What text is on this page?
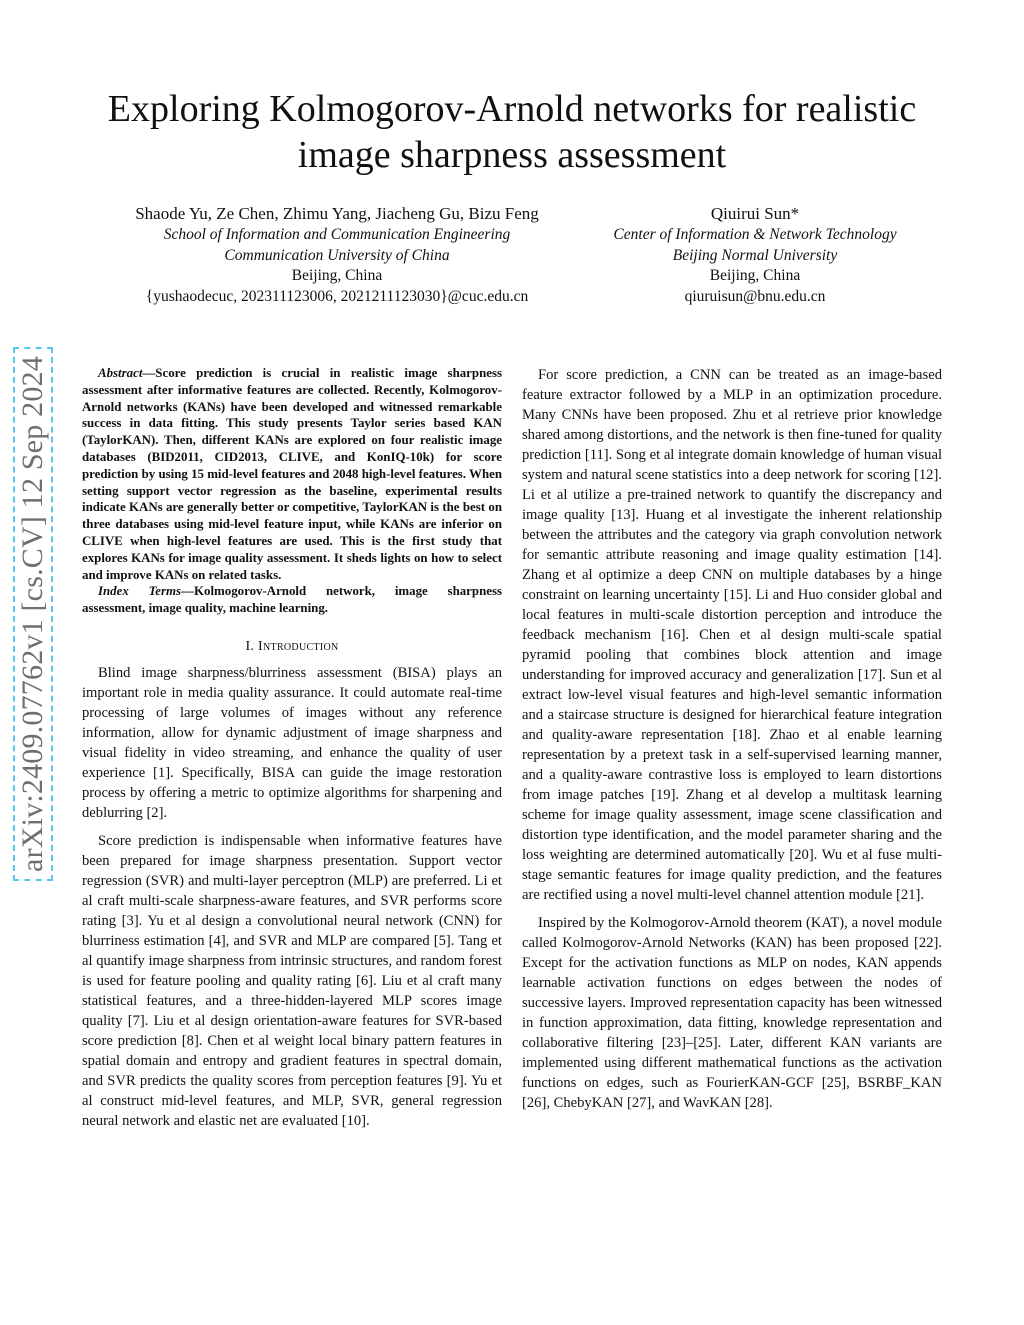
arXiv:2409.07762v1 [cs.CV] 12 Sep 2024
Exploring Kolmogorov-Arnold networks for realistic image sharpness assessment
Shaode Yu, Ze Chen, Zhimu Yang, Jiacheng Gu, Bizu Feng
School of Information and Communication Engineering
Communication University of China
Beijing, China
{yushaodecuc, 202311123006, 2021211123030}@cuc.edu.cn
Qiuirui Sun*
Center of Information & Network Technology
Beijing Normal University
Beijing, China
qiuruisun@bnu.edu.cn

Abstract—Score prediction is crucial in realistic image sharpness assessment after informative features are collected. Recently, Kolmogorov-Arnold networks (KANs) have been developed and witnessed remarkable success in data fitting. This study presents Taylor series based KAN (TaylorKAN). Then, different KANs are explored on four realistic image databases (BID2011, CID2013, CLIVE, and KonIQ-10k) for score prediction by using 15 mid-level features and 2048 high-level features. When setting support vector regression as the baseline, experimental results indicate KANs are generally better or competitive, TaylorKAN is the best on three databases using mid-level feature input, while KANs are inferior on CLIVE when high-level features are used. This is the first study that explores KANs for image quality assessment. It sheds lights on how to select and improve KANs on related tasks.

Index Terms—Kolmogorov-Arnold network, image sharpness assessment, image quality, machine learning.

I. Introduction

Blind image sharpness/blurriness assessment (BISA) plays an important role in media quality assurance. It could automate real-time processing of large volumes of images without any reference information, allow for dynamic adjustment of image sharpness and visual fidelity in video streaming, and enhance the quality of user experience [1]. Specifically, BISA can guide the image restoration process by offering a metric to optimize algorithms for sharpening and deblurring [2].

Score prediction is indispensable when informative features have been prepared for image sharpness presentation. Support vector regression (SVR) and multi-layer perceptron (MLP) are preferred. Li et al craft multi-scale sharpness-aware features, and SVR performs score rating [3]. Yu et al design a convolutional neural network (CNN) for blurriness estimation [4], and SVR and MLP are compared [5]. Tang et al quantify image sharpness from intrinsic structures, and random forest is used for feature pooling and quality rating [6]. Liu et al craft many statistical features, and a three-hidden-layered MLP scores image quality [7]. Liu et al design orientation-aware features for SVR-based score prediction [8]. Chen et al weight local binary pattern features in spatial domain and entropy and gradient features in spectral domain, and SVR predicts the quality scores from perception features [9]. Yu et al construct mid-level features, and MLP, SVR, general regression neural network and elastic net are evaluated [10].

For score prediction, a CNN can be treated as an image-based feature extractor followed by a MLP in an optimization procedure. Many CNNs have been proposed. Zhu et al retrieve prior knowledge shared among distortions, and the network is then fine-tuned for quality prediction [11]. Song et al integrate domain knowledge of human visual system and natural scene statistics into a deep network for scoring [12]. Li et al utilize a pre-trained network to quantify the discrepancy and image quality [13]. Huang et al investigate the inherent relationship between the attributes and the category via graph convolution network for semantic attribute reasoning and image quality estimation [14]. Zhang et al optimize a deep CNN on multiple databases by a hinge constraint on learning uncertainty [15]. Li and Huo consider global and local features in multi-scale distortion perception and introduce the feedback mechanism [16]. Chen et al design multi-scale spatial pyramid pooling that combines block attention and image understanding for improved accuracy and generalization [17]. Sun et al extract low-level visual features and high-level semantic information and a staircase structure is designed for hierarchical feature integration and quality-aware representation [18]. Zhao et al enable learning representation by a pretext task in a self-supervised learning manner, and a quality-aware contrastive loss is employed to learn distortions from image patches [19]. Zhang et al develop a multitask learning scheme for image quality assessment, image scene classification and distortion type identification, and the model parameter sharing and the loss weighting are determined automatically [20]. Wu et al fuse multi-stage semantic features for image quality prediction, and the features are rectified using a novel multi-level channel attention module [21].

Inspired by the Kolmogorov-Arnold theorem (KAT), a novel module called Kolmogorov-Arnold Networks (KAN) has been proposed [22]. Except for the activation functions as MLP on nodes, KAN appends learnable activation functions on edges between the nodes of successive layers. Improved representation capacity has been witnessed in function approximation, data fitting, knowledge representation and collaborative filtering [23]–[25]. Later, different KAN variants are implemented using different mathematical functions as the activation functions on edges, such as FourierKAN-GCF [25], BSRBF_KAN [26], ChebyKAN [27], and WavKAN [28].
